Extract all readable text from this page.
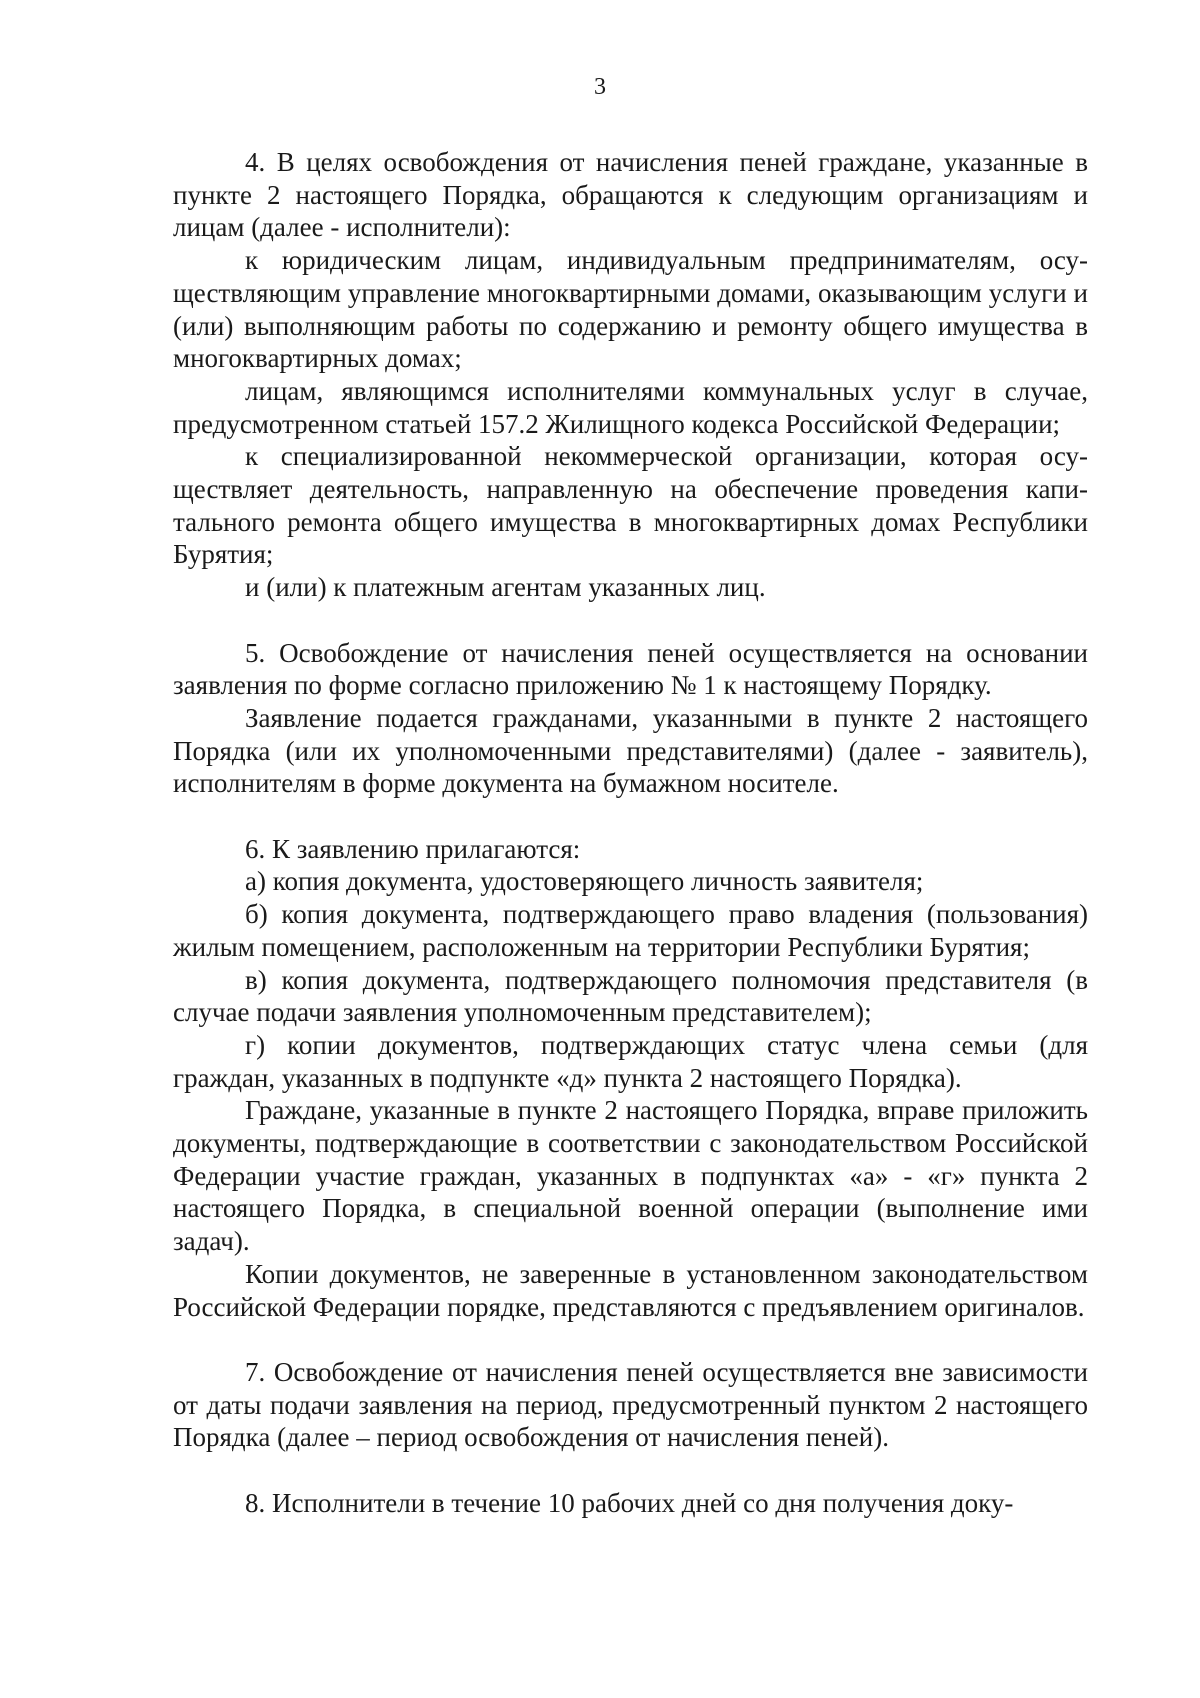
3

4. В целях освобождения от начисления пеней граждане, указанные в пункте 2 настоящего Порядка, обращаются к следующим организациям и лицам (далее - исполнители):

к юридическим лицам, индивидуальным предпринимателям, осуществляющим управление многоквартирными домами, оказывающим услуги и (или) выполняющим работы по содержанию и ремонту общего имущества в многоквартирных домах;

лицам, являющимся исполнителями коммунальных услуг в случае, предусмотренном статьей 157.2 Жилищного кодекса Российской Федерации;

к специализированной некоммерческой организации, которая осуществляет деятельность, направленную на обеспечение проведения капитального ремонта общего имущества в многоквартирных домах Республики Бурятия;

и (или) к платежным агентам указанных лиц.

5. Освобождение от начисления пеней осуществляется на основании заявления по форме согласно приложению № 1 к настоящему Порядку.

Заявление подается гражданами, указанными в пункте 2 настоящего Порядка (или их уполномоченными представителями) (далее - заявитель), исполнителям в форме документа на бумажном носителе.

6. К заявлению прилагаются:

а) копия документа, удостоверяющего личность заявителя;

б) копия документа, подтверждающего право владения (пользования) жилым помещением, расположенным на территории Республики Бурятия;

в) копия документа, подтверждающего полномочия представителя (в случае подачи заявления уполномоченным представителем);

г) копии документов, подтверждающих статус члена семьи (для граждан, указанных в подпункте «д» пункта 2 настоящего Порядка).

Граждане, указанные в пункте 2 настоящего Порядка, вправе приложить документы, подтверждающие в соответствии с законодательством Российской Федерации участие граждан, указанных в подпунктах «а» - «г» пункта 2 настоящего Порядка, в специальной военной операции (выполнение ими задач).

Копии документов, не заверенные в установленном законодательством Российской Федерации порядке, представляются с предъявлением оригиналов.

7. Освобождение от начисления пеней осуществляется вне зависимости от даты подачи заявления на период, предусмотренный пунктом 2 настоящего Порядка (далее – период освобождения от начисления пеней).

8. Исполнители в течение 10 рабочих дней со дня получения доку-
